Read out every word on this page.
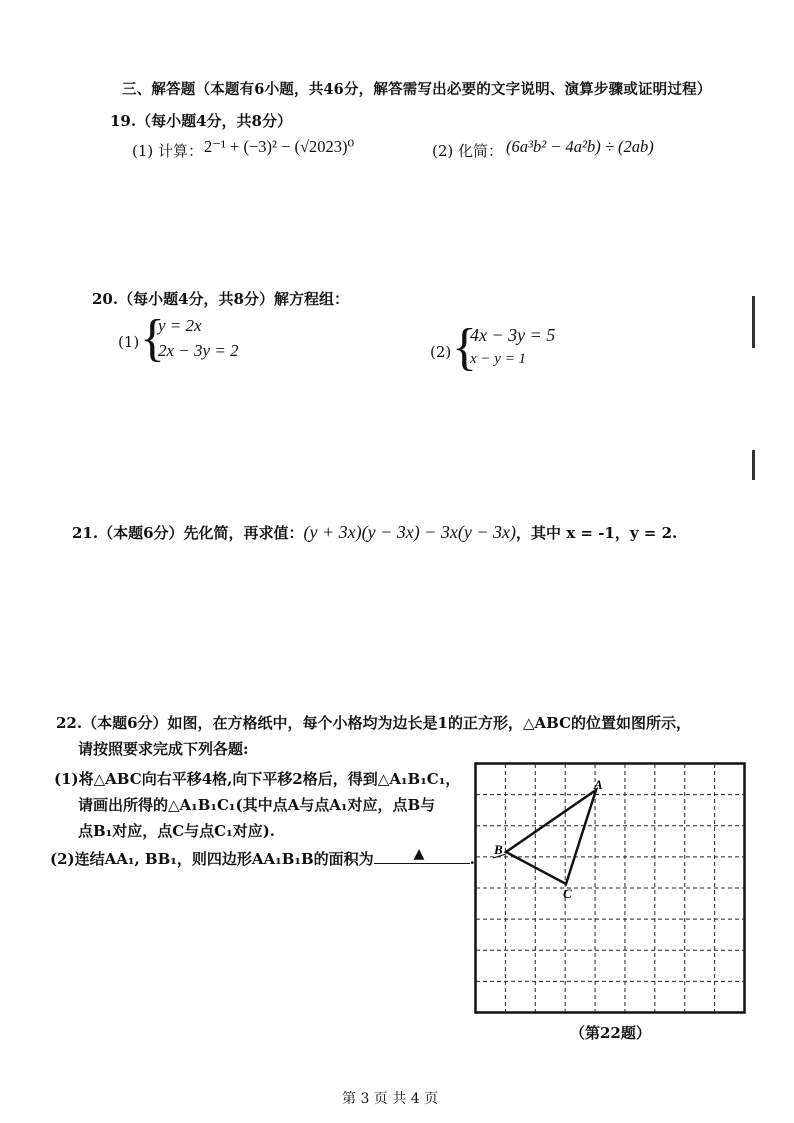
三、解答题（本题有6小题，共46分，解答需写出必要的文字说明、演算步骤或证明过程）
19.（每小题4分，共8分）
(1) 计算： 2⁻¹ + (−3)² − (√2023)⁰	(2) 化简： (6a³b² − 4a²b) ÷ (2ab)
20.（每小题4分，共8分）解方程组：
(1) {
y = 2x
2x − 3y = 2	(2) {
4x − 3y = 5
x − y = 1
21.（本题6分）先化简，再求值：(y + 3x)(y − 3x) − 3x(y − 3x)，其中 x = -1，y = 2.
22.（本题6分）如图，在方格纸中，每个小格均为边长是1的正方形，△ABC的位置如图所示，
请按照要求完成下列各题:
(1)将△ABC向右平移4格,向下平移2格后，得到△A₁B₁C₁，
请画出所得的△A₁B₁C₁(其中点A与点A₁对应，点B与
点B₁对应，点C与点C₁对应).
(2)连结AA₁, BB₁，则四边形AA₁B₁B的面积为	▲	.
A
B
C
（第22题）
第 3 页 共 4 页
